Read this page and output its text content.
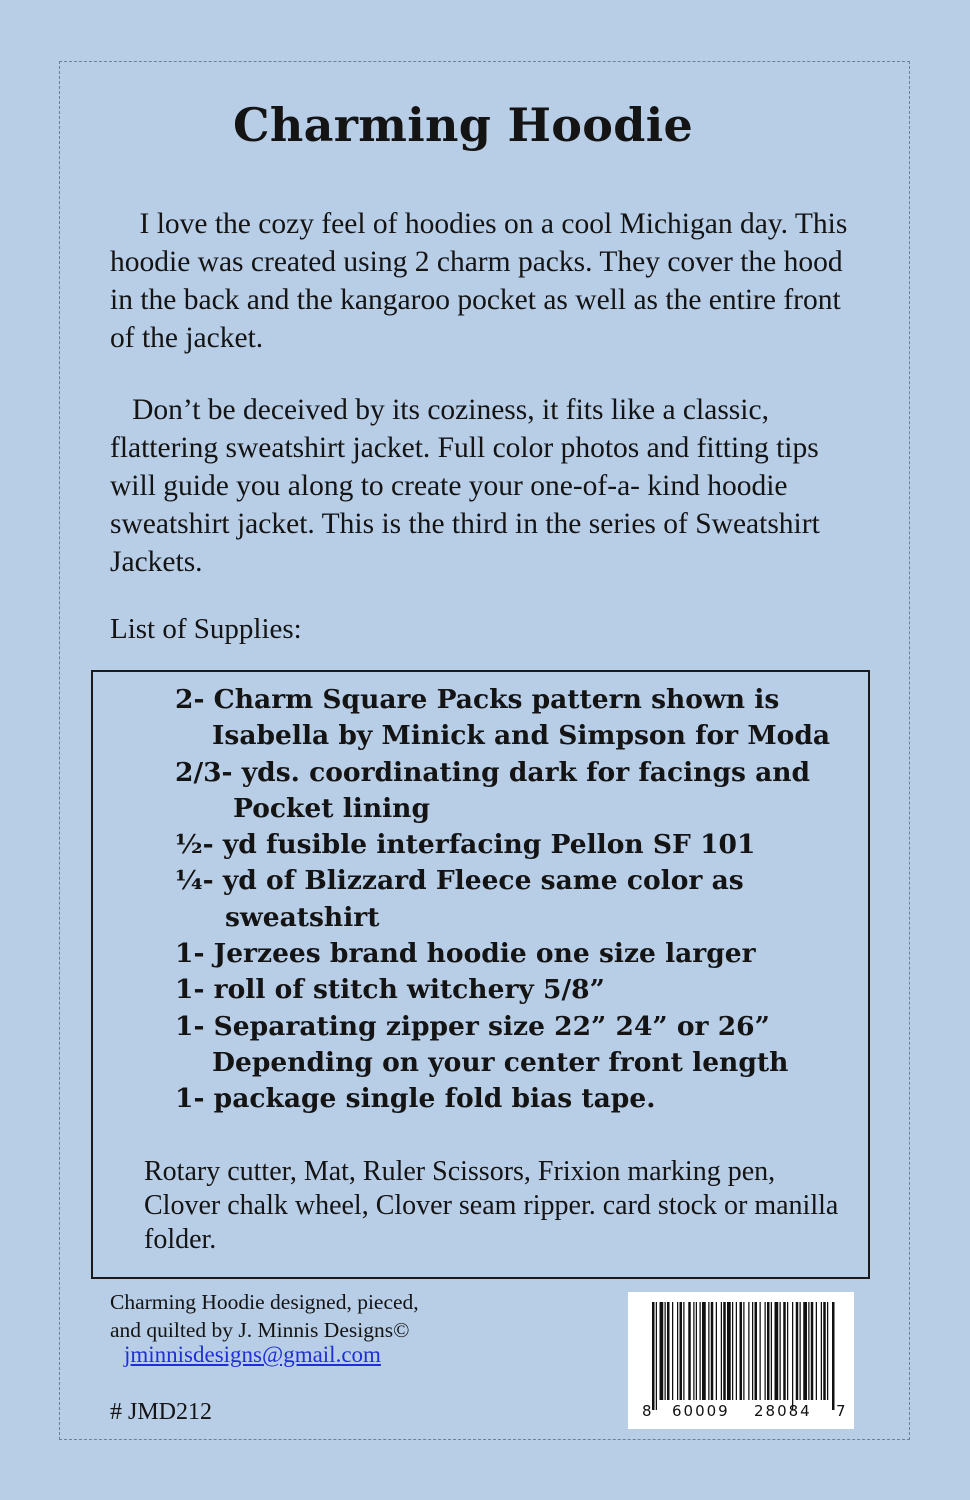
Charming Hoodie

I love the cozy feel of hoodies on a cool Michigan day. This hoodie was created using 2 charm packs. They cover the hood in the back and the kangaroo pocket as well as the entire front of the jacket.

Don’t be deceived by its coziness, it fits like a classic, flattering sweatshirt jacket. Full color photos and fitting tips will guide you along to create your one-of-a- kind hoodie sweatshirt jacket. This is the third in the series of Sweatshirt Jackets.

List of Supplies:

2- Charm Square Packs pattern shown is
Isabella by Minick and Simpson for Moda
2/3- yds. coordinating dark for facings and
Pocket lining
½- yd fusible interfacing Pellon SF 101
¼- yd of Blizzard Fleece same color as
sweatshirt
1- Jerzees brand hoodie one size larger
1- roll of stitch witchery 5/8”
1- Separating zipper size 22” 24” or 26”
Depending on your center front length
1- package single fold bias tape.

Rotary cutter, Mat, Ruler Scissors, Frixion marking pen, Clover chalk wheel, Clover seam ripper. card stock or manilla folder.

Charming Hoodie designed, pieced,
and quilted by J. Minnis Designs©

jminnisdesigns@gmail.com

# JMD212	8 60009 28084 7
